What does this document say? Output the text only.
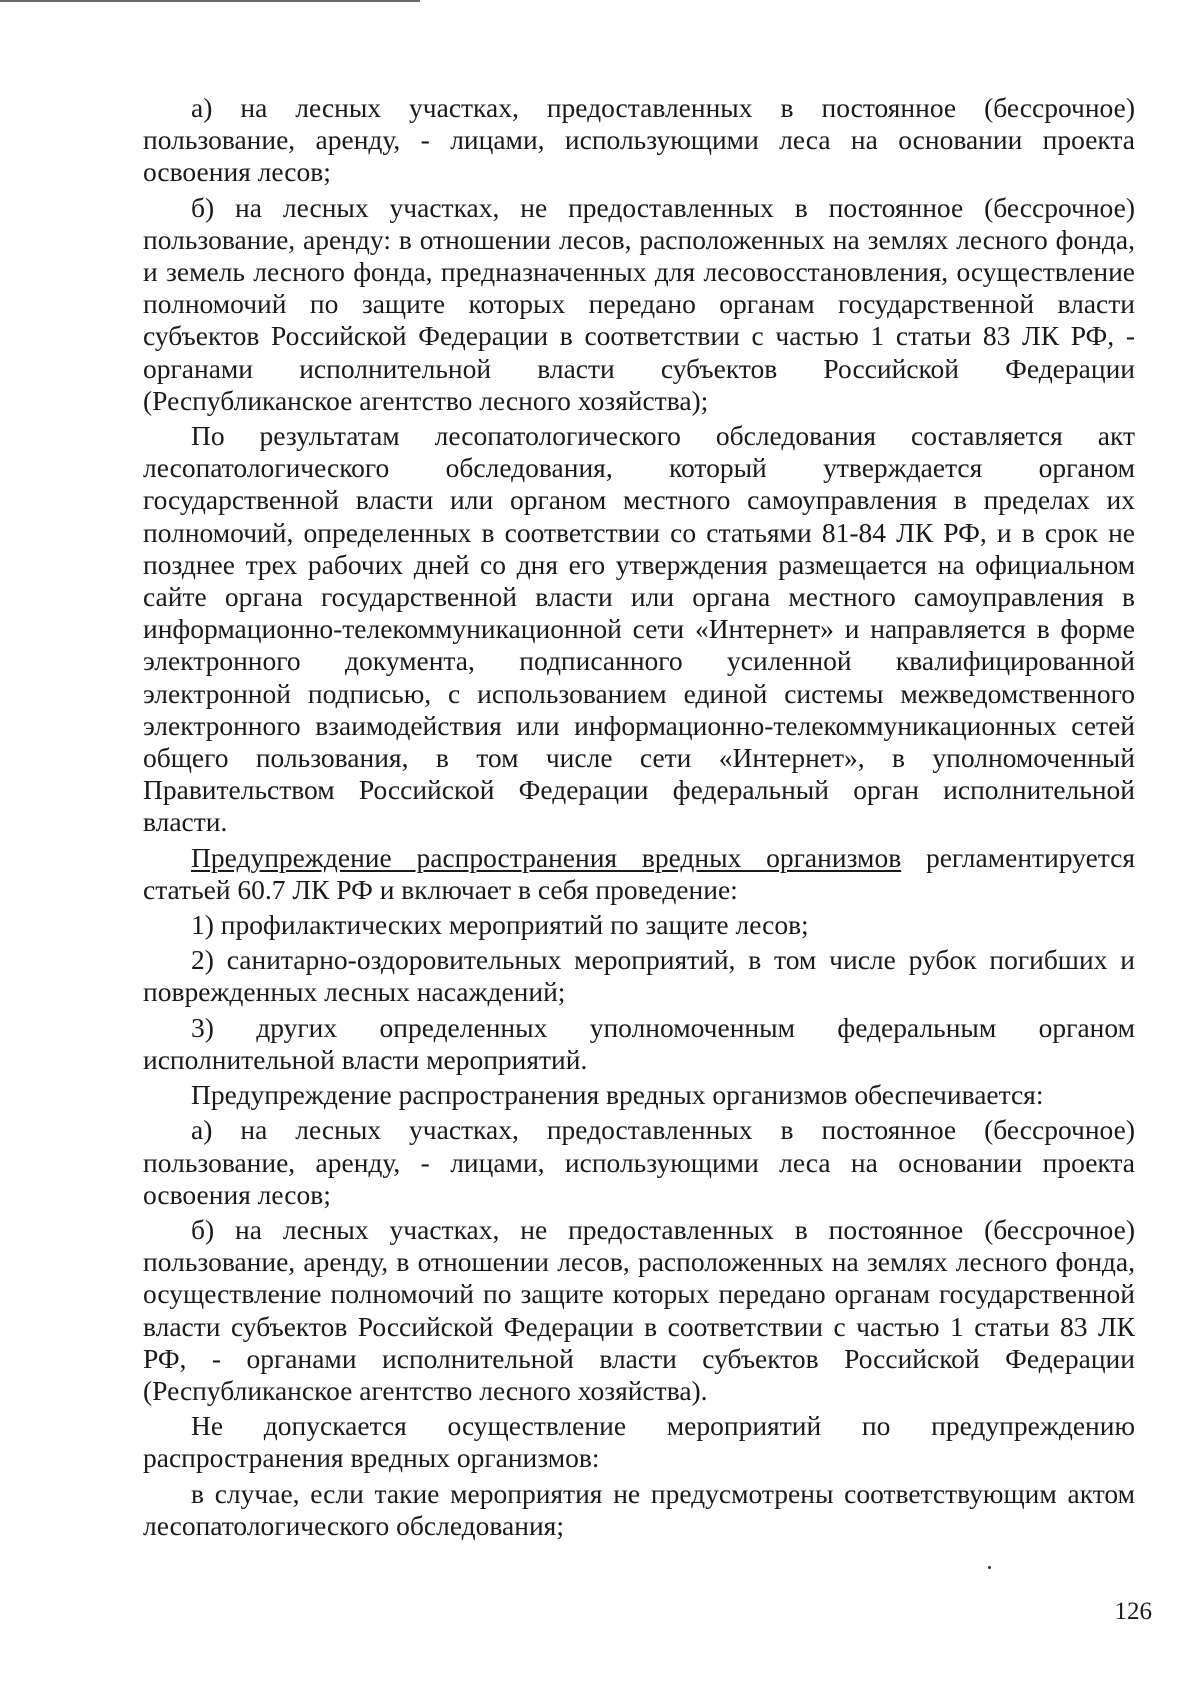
а) на лесных участках, предоставленных в постоянное (бессрочное) пользование, аренду, - лицами, использующими леса на основании проекта освоения лесов;

б) на лесных участках, не предоставленных в постоянное (бессрочное) пользование, аренду: в отношении лесов, расположенных на землях лесного фонда, и земель лесного фонда, предназначенных для лесовосстановления, осуществление полномочий по защите которых передано органам государственной власти субъектов Российской Федерации в соответствии с частью 1 статьи 83 ЛК РФ, - органами исполнительной власти субъектов Российской Федерации (Республиканское агентство лесного хозяйства);

По результатам лесопатологического обследования составляется акт лесопатологического обследования, который утверждается органом государственной власти или органом местного самоуправления в пределах их полномочий, определенных в соответствии со статьями 81-84 ЛК РФ, и в срок не позднее трех рабочих дней со дня его утверждения размещается на официальном сайте органа государственной власти или органа местного самоуправления в информационно-телекоммуникационной сети «Интернет» и направляется в форме электронного документа, подписанного усиленной квалифицированной электронной подписью, с использованием единой системы межведомственного электронного взаимодействия или информационно-телекоммуникационных сетей общего пользования, в том числе сети «Интернет», в уполномоченный Правительством Российской Федерации федеральный орган исполнительной власти.

Предупреждение распространения вредных организмов регламентируется статьей 60.7 ЛК РФ и включает в себя проведение:

1) профилактических мероприятий по защите лесов;

2) санитарно-оздоровительных мероприятий, в том числе рубок погибших и поврежденных лесных насаждений;

3) других определенных уполномоченным федеральным органом исполнительной власти мероприятий.

Предупреждение распространения вредных организмов обеспечивается:

а) на лесных участках, предоставленных в постоянное (бессрочное) пользование, аренду, - лицами, использующими леса на основании проекта освоения лесов;

б) на лесных участках, не предоставленных в постоянное (бессрочное) пользование, аренду, в отношении лесов, расположенных на землях лесного фонда, осуществление полномочий по защите которых передано органам государственной власти субъектов Российской Федерации в соответствии с частью 1 статьи 83 ЛК РФ, - органами исполнительной власти субъектов Российской Федерации (Республиканское агентство лесного хозяйства).

Не допускается осуществление мероприятий по предупреждению распространения вредных организмов:

в случае, если такие мероприятия не предусмотрены соответствующим актом лесопатологического обследования;

126
